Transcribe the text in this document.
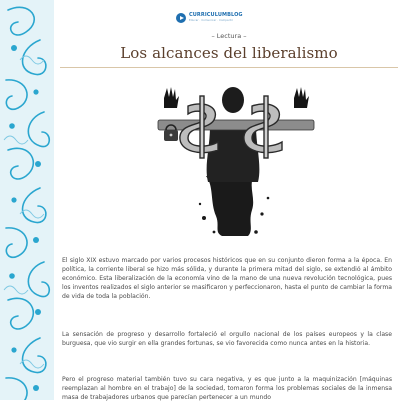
CURRICULUMBLOG
Educar · Comunicar · Compartir
– Lectura –
Los alcances del liberalismo
El siglo XIX estuvo marcado por varios procesos históricos que en su conjunto dieron forma a la época. En política, la corriente liberal se hizo más sólida, y durante la primera mitad del siglo, se extendió al ámbito económico. Esta liberalización de la economía vino de la mano de una nueva revolución tecnológica, pues los inventos realizados el siglo anterior se masificaron y perfeccionaron, hasta el punto de cambiar la forma de vida de toda la población.
La sensación de progreso y desarrollo fortaleció el orgullo nacional de los países europeos y la clase burguesa, que vio surgir en ella grandes fortunas, se vio favorecida como nunca antes en la historia.
Pero el progreso material también tuvo su cara negativa, y es que junto a la maquinización [máquinas reemplazan al hombre en el trabajo] de la sociedad, tomaron forma los problemas sociales de la inmensa masa de trabajadores urbanos que parecían pertenecer a un mundo
